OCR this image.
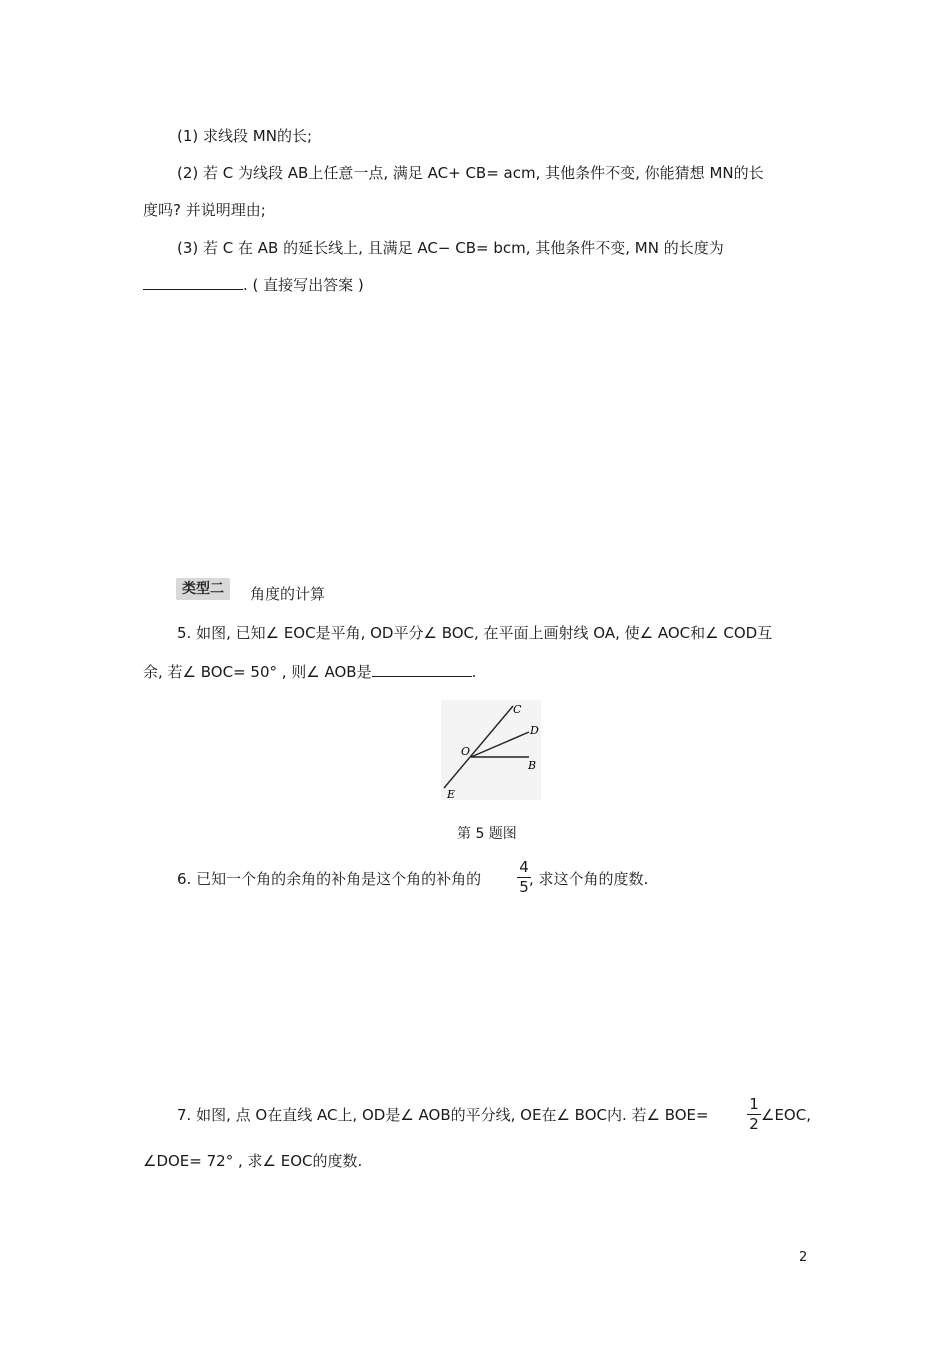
(1) 求线段 MN的长;
(2) 若 C 为线段 AB上任意一点, 满足 AC+ CB= acm, 其他条件不变, 你能猜想 MN的长
度吗? 并说明理由;
(3) 若 C 在 AB 的延长线上, 且满足 AC− CB= bcm, 其他条件不变, MN 的长度为
. ( 直接写出答案 )
类型二	角度的计算
5. 如图, 已知∠ EOC是平角, OD平分∠ BOC, 在平面上画射线 OA, 使∠ AOC和∠ COD互
余, 若∠ BOC= 50° , 则∠ AOB是	.
C
D
O
B
E
第 5 题图
6. 已知一个角的余角的补角是这个角的补角的
4
5 , 求这个角的度数.
7. 如图, 点 O在直线 AC上, OD是∠ AOB的平分线, OE在∠ BOC内. 若∠ BOE=
1
2 ∠EOC,
∠DOE= 72° , 求∠ EOC的度数.
2
